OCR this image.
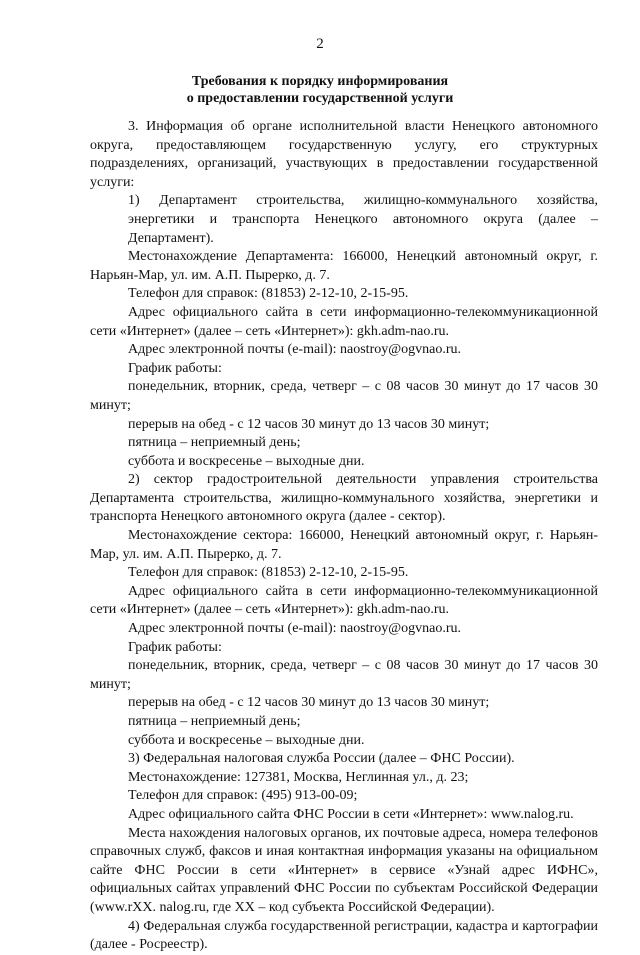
2
Требования к порядку информирования
о предоставлении государственной услуги

3. Информация об органе исполнительной власти Ненецкого автономного округа, предоставляющем государственную услугу, его структурных подразделениях, организаций, участвующих в предоставлении государственной услуги:

1) Департамент строительства, жилищно-коммунального хозяйства, энергетики и транспорта Ненецкого автономного округа (далее – Департамент).

Местонахождение Департамента: 166000, Ненецкий автономный округ, г. Нарьян-Мар, ул. им. А.П. Пырерко, д. 7.

Телефон для справок: (81853) 2-12-10, 2-15-95.

Адрес официального сайта в сети информационно-телекоммуникационной сети «Интернет» (далее – сеть «Интернет»): gkh.adm-nao.ru.

Адрес электронной почты (e-mail): naostroy@ogvnao.ru.

График работы:

понедельник, вторник, среда, четверг – с 08 часов 30 минут до 17 часов 30 минут;

перерыв на обед - с 12 часов 30 минут до 13 часов 30 минут;

пятница – неприемный день;

суббота и воскресенье – выходные дни.

2) сектор градостроительной деятельности управления строительства Департамента строительства, жилищно-коммунального хозяйства, энергетики и транспорта Ненецкого автономного округа (далее - сектор).

Местонахождение сектора: 166000, Ненецкий автономный округ, г. Нарьян-Мар, ул. им. А.П. Пырерко, д. 7.

Телефон для справок: (81853) 2-12-10, 2-15-95.

Адрес официального сайта в сети информационно-телекоммуникационной сети «Интернет» (далее – сеть «Интернет»): gkh.adm-nao.ru.

Адрес электронной почты (e-mail): naostroy@ogvnao.ru.

График работы:

понедельник, вторник, среда, четверг – с 08 часов 30 минут до 17 часов 30 минут;

перерыв на обед - с 12 часов 30 минут до 13 часов 30 минут;

пятница – неприемный день;

суббота и воскресенье – выходные дни.

3) Федеральная налоговая служба России (далее – ФНС России).

Местонахождение: 127381, Москва, Неглинная ул., д. 23;

Телефон для справок: (495) 913-00-09;

Адрес официального сайта ФНС России в сети «Интернет»: www.nalog.ru.

Места нахождения налоговых органов, их почтовые адреса, номера телефонов справочных служб, факсов и иная контактная информация указаны на официальном сайте ФНС России в сети «Интернет» в сервисе «Узнай адрес ИФНС», официальных сайтах управлений ФНС России по субъектам Российской Федерации (www.rXX. nalog.ru, где XX – код субъекта Российской Федерации).

4) Федеральная служба государственной регистрации, кадастра и картографии (далее - Росреестр).
